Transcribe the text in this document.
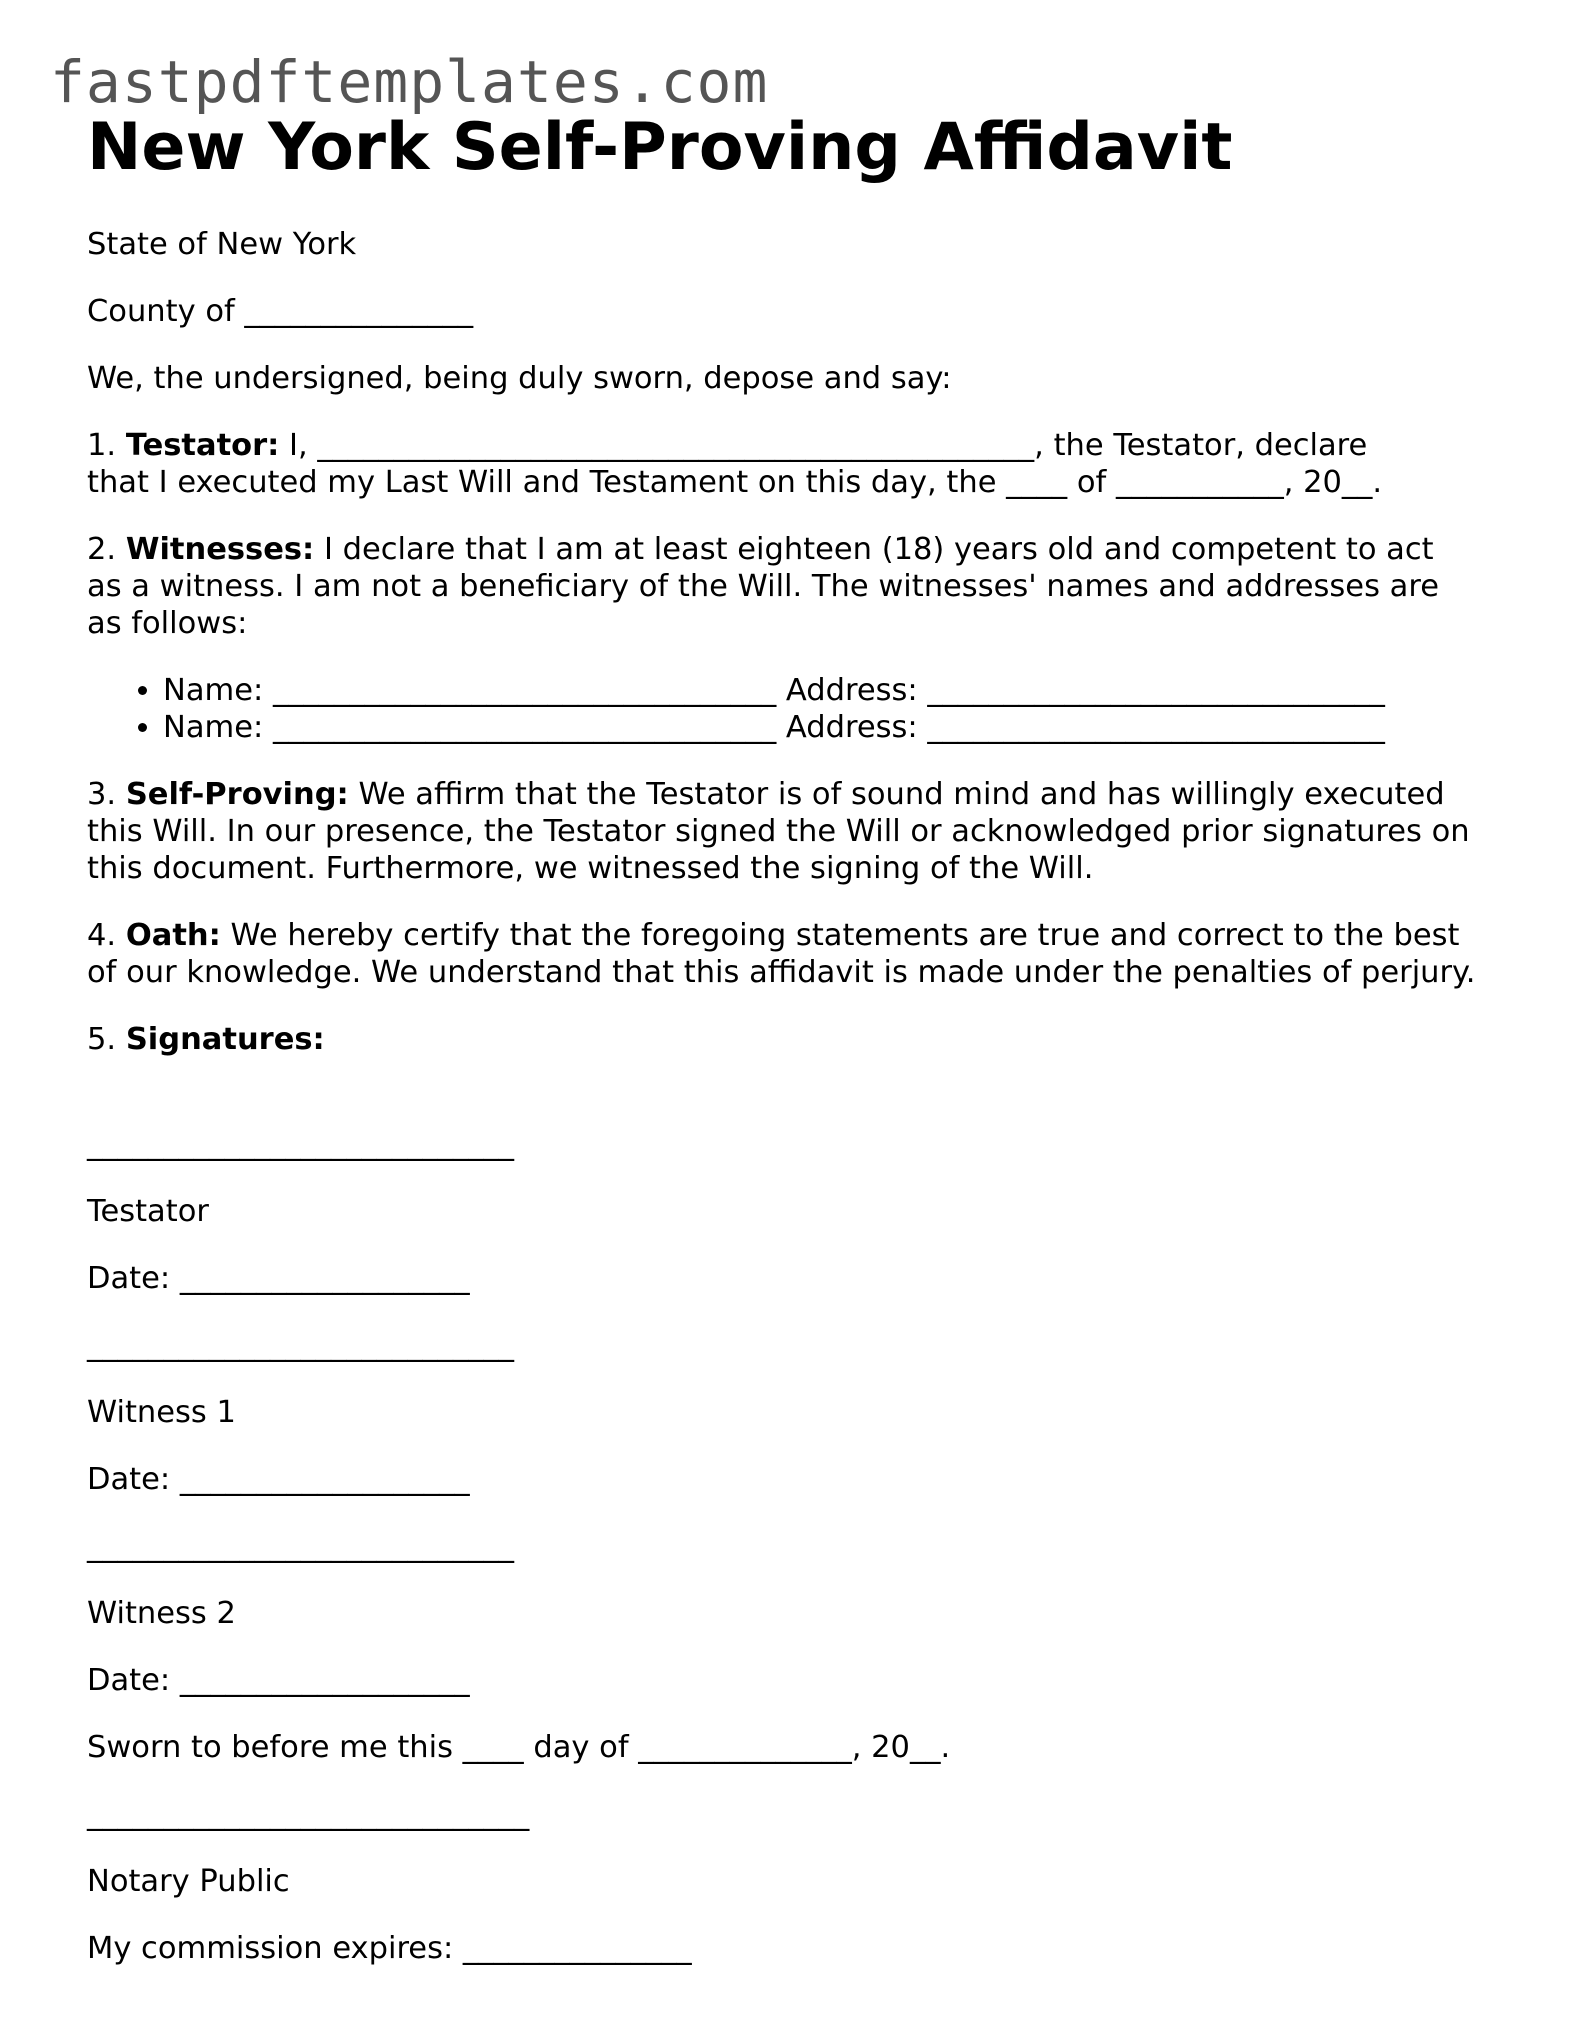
fastpdftemplates.com
New York Self-Proving Affidavit

State of New York

County of _______________

We, the undersigned, being duly sworn, depose and say:

1. Testator: I, _______________________________________________, the Testator, declare
that I executed my Last Will and Testament on this day, the ____ of ___________, 20__.

2. Witnesses: I declare that I am at least eighteen (18) years old and competent to act
as a witness. I am not a beneficiary of the Will. The witnesses' names and addresses are
as follows:

• Name: _________________________________ Address: ______________________________
• Name: _________________________________ Address: ______________________________

3. Self-Proving: We affirm that the Testator is of sound mind and has willingly executed
this Will. In our presence, the Testator signed the Will or acknowledged prior signatures on
this document. Furthermore, we witnessed the signing of the Will.

4. Oath: We hereby certify that the foregoing statements are true and correct to the best
of our knowledge. We understand that this affidavit is made under the penalties of perjury.

5. Signatures:

____________________________

Testator

Date: ___________________

____________________________

Witness 1

Date: ___________________

____________________________

Witness 2

Date: ___________________

Sworn to before me this ____ day of ______________, 20__.

_____________________________

Notary Public

My commission expires: _______________
